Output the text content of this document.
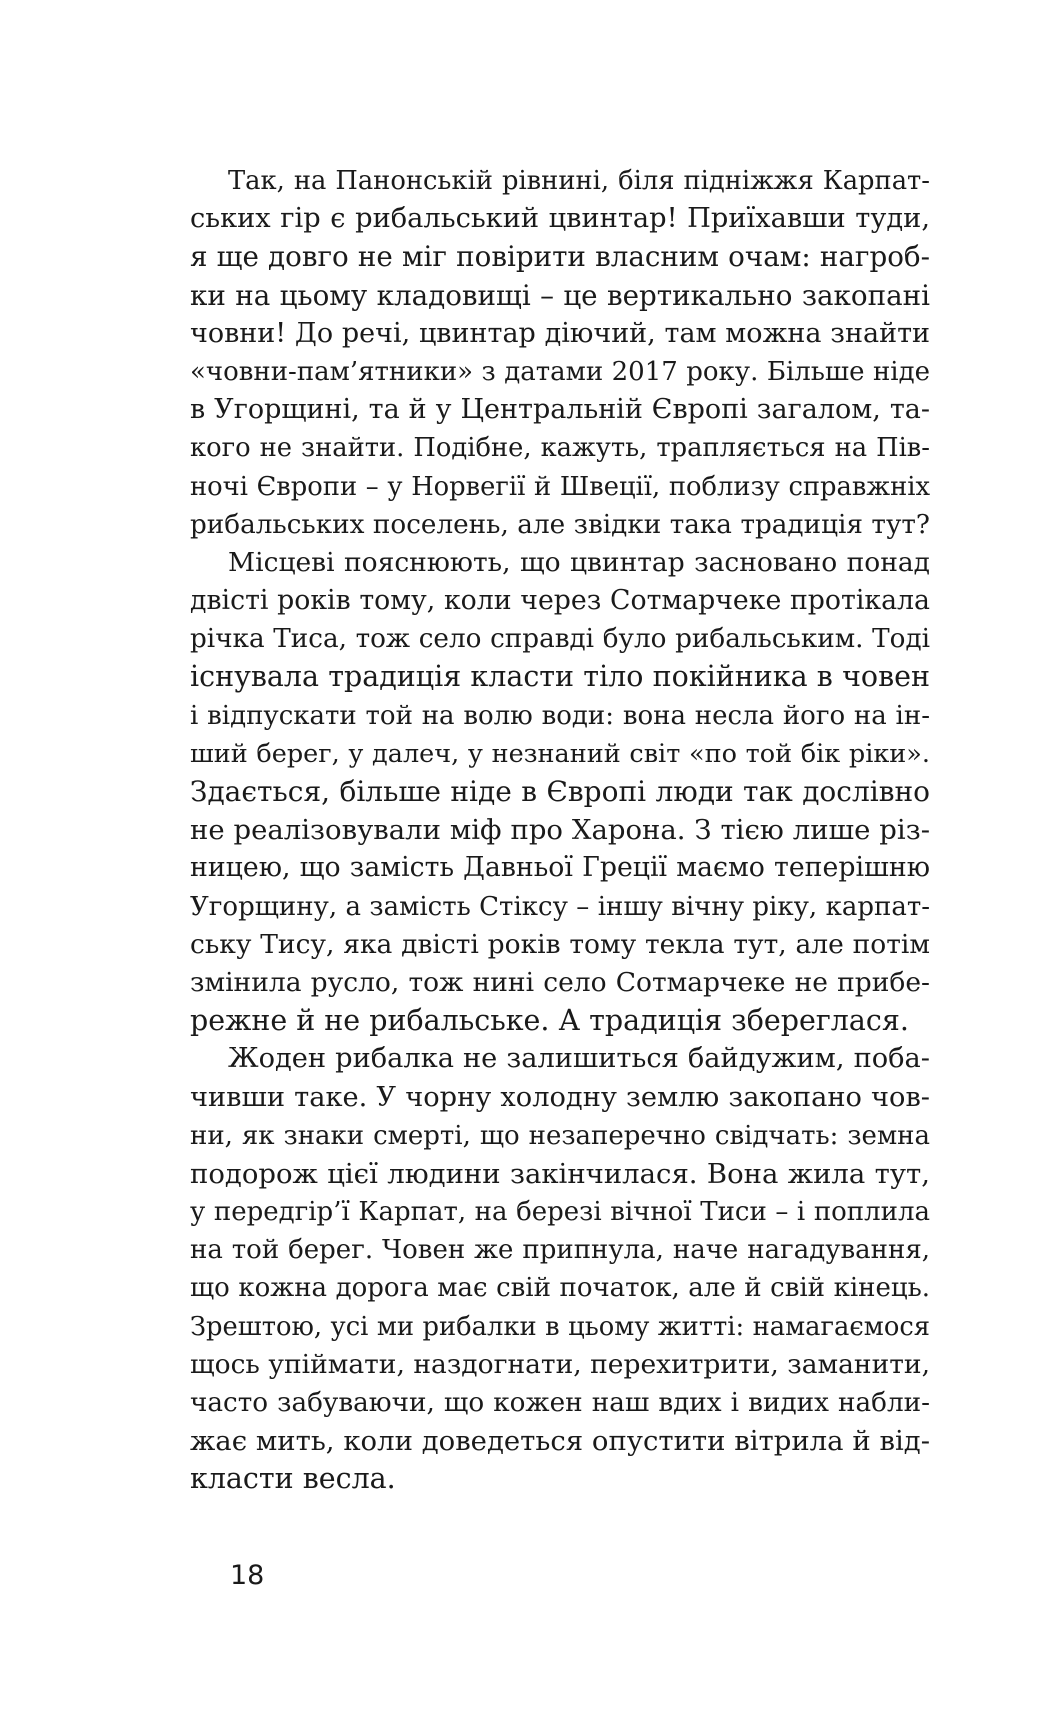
Так, на Панонській рівнині, біля підніжжя Карпат-
ських гір є рибальський цвинтар! Приїхавши туди,
я ще довго не міг повірити власним очам: нагроб-
ки на цьому кладовищі – це вертикально закопані
човни! До речі, цвинтар діючий, там можна знайти
«човни-пам’ятники» з датами 2017 року. Більше ніде
в Угорщині, та й у Центральній Європі загалом, та-
кого не знайти. Подібне, кажуть, трапляється на Пів-
ночі Європи – у Норвегії й Швеції, поблизу справжніх
рибальських поселень, але звідки така традиція тут?
Місцеві пояснюють, що цвинтар засновано понад
двісті років тому, коли через Сотмарчеке протікала
річка Тиса, тож село справді було рибальським. Тоді
існувала традиція класти тіло покійника в човен
і відпускати той на волю води: вона несла його на ін-
ший берег, у далеч, у незнаний світ «по той бік ріки».
Здається, більше ніде в Європі люди так дослівно
не реалізовували міф про Харона. З тією лише різ-
ницею, що замість Давньої Греції маємо теперішню
Угорщину, а замість Стіксу – іншу вічну ріку, карпат-
ську Тису, яка двісті років тому текла тут, але потім
змінила русло, тож нині село Сотмарчеке не прибе-
режне й не рибальське. А традиція збереглася.
Жоден рибалка не залишиться байдужим, поба-
чивши таке. У чорну холодну землю закопано чов-
ни, як знаки смерті, що незаперечно свідчать: земна
подорож цієї людини закінчилася. Вона жила тут,
у передгір’ї Карпат, на березі вічної Тиси – і поплила
на той берег. Човен же припнула, наче нагадування,
що кожна дорога має свій початок, але й свій кінець.
Зрештою, усі ми рибалки в цьому житті: намагаємося
щось упіймати, наздогнати, перехитрити, заманити,
часто забуваючи, що кожен наш вдих і видих набли-
жає мить, коли доведеться опустити вітрила й від-
класти весла.
18
